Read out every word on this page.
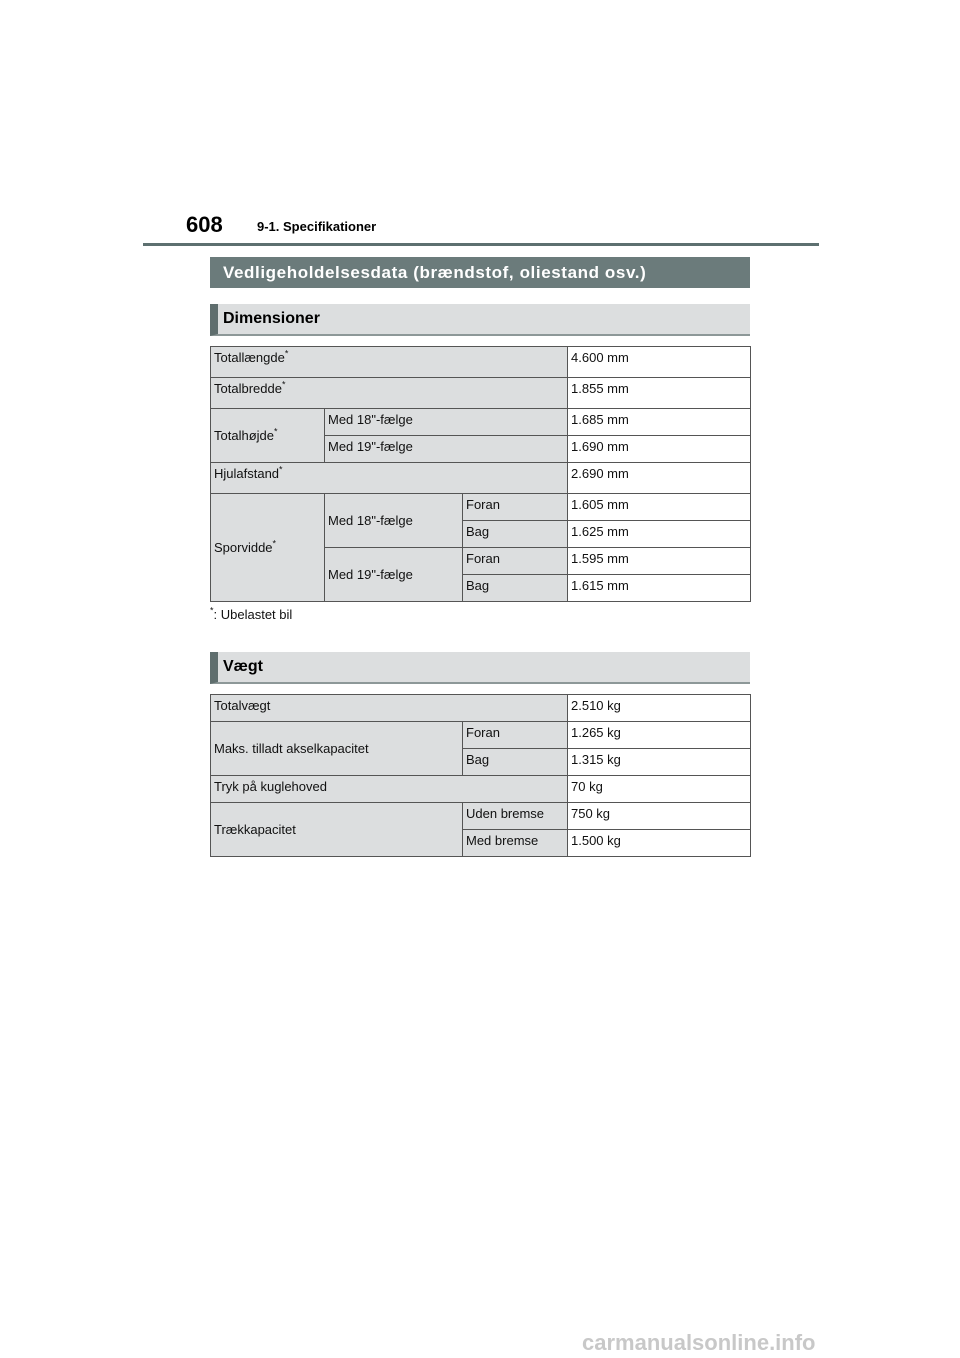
608	9-1. Specifikationer
Vedligeholdelsesdata (brændstof, oliestand osv.)
Dimensioner
Totallængde*			4.600 mm
Totalbredde*			1.855 mm
Totalhøjde*	Med 18"-fælge		1.685 mm
	Med 19"-fælge		1.690 mm
Hjulafstand*			2.690 mm
Sporvidde*	Med 18"-fælge	Foran	1.605 mm
		Bag	1.625 mm
	Med 19"-fælge	Foran	1.595 mm
		Bag	1.615 mm
*: Ubelastet bil
Vægt
Totalvægt		2.510 kg
Maks. tilladt akselkapacitet	Foran	1.265 kg
	Bag	1.315 kg
Tryk på kuglehoved		70 kg
Trækkapacitet	Uden bremse	750 kg
	Med bremse	1.500 kg
carmanualsonline.info
